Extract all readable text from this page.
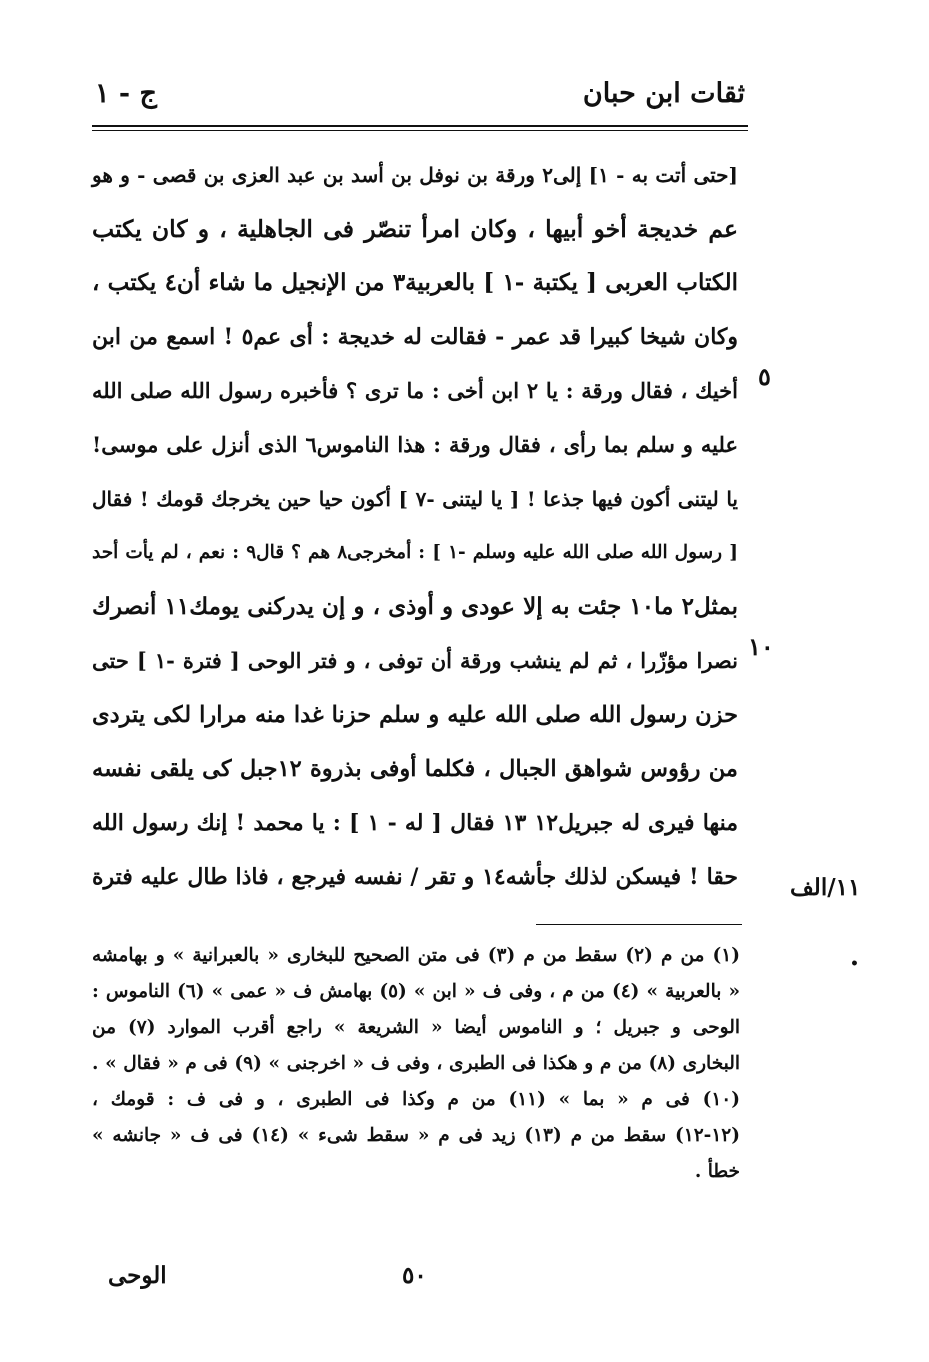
ثقات ابن حبان
ج - ١
[حتى أتت به - ١] إلى٢ ورقة بن نوفل بن أسد بن عبد العزى بن قصى - و هو
عم خديجة أخو أبيها ، وكان امرأ تنصّر فى الجاهلية ، و كان يكتب
الكتاب العربى [ يكتبة -١ ] بالعربية٣ من الإنجيل ما شاء أن٤ يكتب ،
وكان شيخا كبيرا قد عمر - فقالت له خديجة : أى عم٥ ! اسمع من ابن
أخيك ، فقال ورقة : يا ٢ ابن أخى : ما ترى ؟ فأخبره رسول الله صلى الله
عليه و سلم بما رأى ، فقال ورقة : هذا الناموس٦ الذى أنزل على موسى!
يا ليتنى أكون فيها جذعا ! [ يا ليتنى -٧ ] أكون حيا حين يخرجك قومك ! فقال
[ رسول الله صلى الله عليه وسلم -١ ] : أمخرجى٨ هم ؟ قال٩ : نعم ، لم يأت أحد
بمثل٢ ما١٠ جئت به إلا عودى و أوذى ، و إن يدركنى يومك١١ أنصرك
نصرا مؤزّرا ، ثم لم ينشب ورقة أن توفى ، و فتر الوحى [ فترة -١ ] حتى
حزن رسول الله صلى الله عليه و سلم حزنا غدا منه مرارا لكى يتردى
من رؤوس شواهق الجبال ، فكلما أوفى بذروة ١٢جبل كى يلقى نفسه
منها فيرى له جبريل١٢ ١٣ فقال [ له - ١ ] : يا محمد ! إنك رسول الله
حقا ! فيسكن لذلك جأشه١٤ و تقر / نفسه فيرجع ، فاذا طال عليه فترة
٥
١٠
١١/الف
•
(١) من م (٢) سقط من م (٣) فى متن الصحيح للبخارى « بالعبرانية » و بهامشه
« بالعربية » (٤) من م ، وفى ف « ابن » (٥) بهامش ف « عمى » (٦) الناموس :
الوحى و جبريل ؛ و الناموس أيضا « الشريعة » راجع أقرب الموارد (٧) من
البخارى (٨) من م و هكذا فى الطبرى ، وفى ف « اخرجنى » (٩) فى م « فقال » .
(١٠) فى م « بما » (١١) من م وكذا فى الطبرى ، و فى ف : قومك ،
(١٢-١٢) سقط من م (١٣) زيد فى م « سقط شىء » (١٤) فى ف « جانشه »
خطأ .
٥٠
الوحى
